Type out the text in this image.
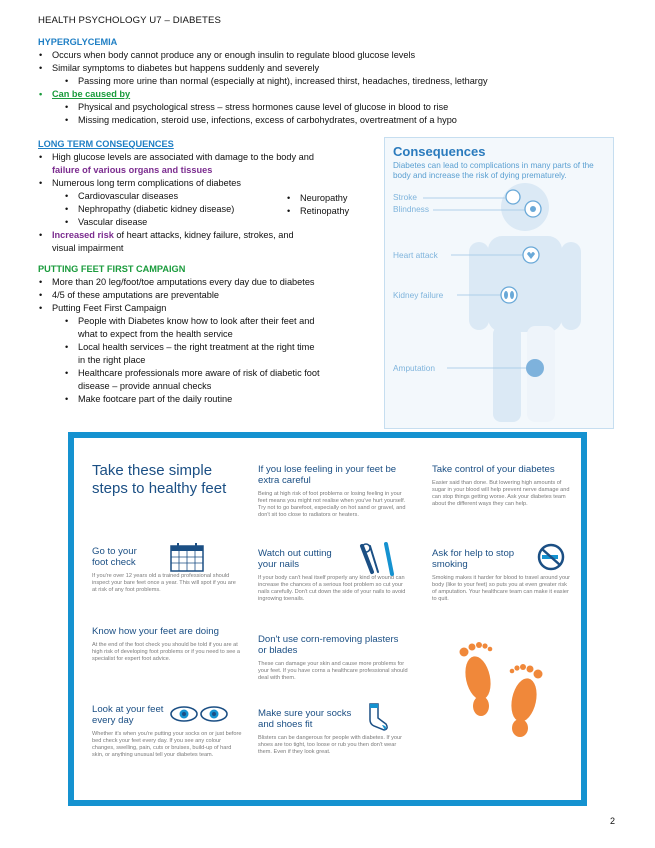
HEALTH PSYCHOLOGY U7 – DIABETES
HYPERGLYCEMIA
• Occurs when body cannot produce any or enough insulin to regulate blood glucose levels
• Similar symptoms to diabetes but happens suddenly and severely
• Passing more urine than normal (especially at night), increased thirst, headaches, tiredness, lethargy
• Can be caused by
• Physical and psychological stress – stress hormones cause level of glucose in blood to rise
• Missing medication, steroid use, infections, excess of carbohydrates, overtreatment of a hypo
LONG TERM CONSEQUENCES
• High glucose levels are associated with damage to the body and
failure of various organs and tissues
• Numerous long term complications of diabetes
• Cardiovascular diseases
• Nephropathy (diabetic kidney disease)
• Vascular disease
• Neuropathy
• Retinopathy
• Increased risk of heart attacks, kidney failure, strokes, and
visual impairment
PUTTING FEET FIRST CAMPAIGN
• More than 20 leg/foot/toe amputations every day due to diabetes
• 4/5 of these amputations are preventable
• Putting Feet First Campaign
• People with Diabetes know how to look after their feet and
what to expect from the health service
• Local health services – the right treatment at the right time
in the right place
• Healthcare professionals more aware of risk of diabetic foot
disease – provide annual checks
• Make footcare part of the daily routine
Consequences
Diabetes can lead to complications in many parts of the body and increase the risk of dying prematurely.
Stroke
Blindness
Heart attack
Kidney failure
Amputation
Take these simple steps to healthy feet
Go to your foot check
If you're over 12 years old a trained professional should inspect your bare feet once a year. This will spot if you are at risk of any foot problems.
Know how your feet are doing
At the end of the foot check you should be told if you are at high risk of developing foot problems or if you need to see a specialist for expert foot advice.
Look at your feet every day
Whether it's when you're putting your socks on or just before bed check your feet every day. If you see any colour changes, swelling, pain, cuts or bruises, build-up of hard skin, or anything unusual tell your diabetes team.
If you lose feeling in your feet be extra careful
Being at high risk of foot problems or losing feeling in your feet means you might not realise when you've hurt yourself. Try not to go barefoot, especially on hot sand or gravel, and don't sit too close to radiators or heaters.
Watch out cutting your nails
If your body can't heal itself properly any kind of wound can increase the chances of a serious foot problem so cut your nails carefully. Don't cut down the side of your nails to avoid ingrowing toenails.
Don't use corn-removing plasters or blades
These can damage your skin and cause more problems for your feet. If you have corns a healthcare professional should deal with them.
Make sure your socks and shoes fit
Blisters can be dangerous for people with diabetes. If your shoes are too tight, too loose or rub you then don't wear them. Even if they look great.
Take control of your diabetes
Easier said than done. But lowering high amounts of sugar in your blood will help prevent nerve damage and can stop things getting worse. Ask your diabetes team about the different ways they can help.
Ask for help to stop smoking
Smoking makes it harder for blood to travel around your body (like to your feet) so puts you at even greater risk of amputation. Your healthcare team can make it easier to quit.
2
